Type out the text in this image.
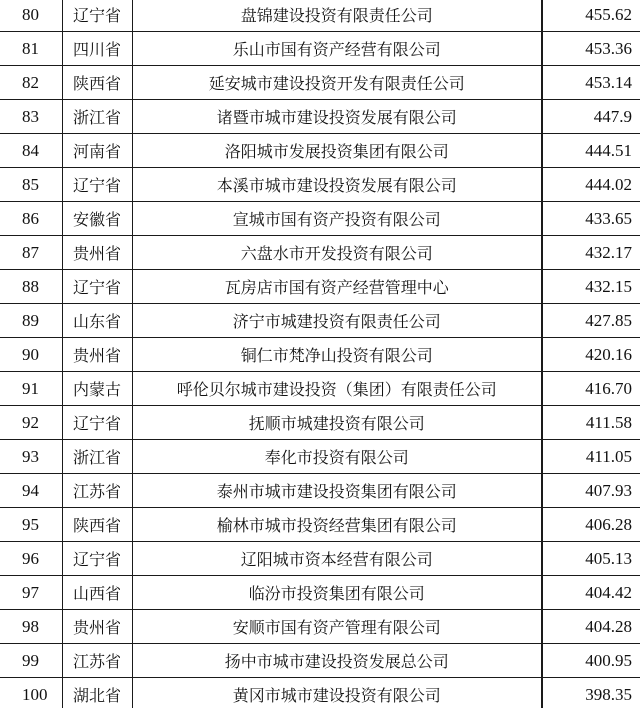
80	辽宁省	盘锦建设投资有限责任公司	455.62
81	四川省	乐山市国有资产经营有限公司	453.36
82	陕西省	延安城市建设投资开发有限责任公司	453.14
83	浙江省	诸暨市城市建设投资发展有限公司	447.9
84	河南省	洛阳城市发展投资集团有限公司	444.51
85	辽宁省	本溪市城市建设投资发展有限公司	444.02
86	安徽省	宣城市国有资产投资有限公司	433.65
87	贵州省	六盘水市开发投资有限公司	432.17
88	辽宁省	瓦房店市国有资产经营管理中心	432.15
89	山东省	济宁市城建投资有限责任公司	427.85
90	贵州省	铜仁市梵净山投资有限公司	420.16
91	内蒙古	呼伦贝尔城市建设投资（集团）有限责任公司	416.70
92	辽宁省	抚顺市城建投资有限公司	411.58
93	浙江省	奉化市投资有限公司	411.05
94	江苏省	泰州市城市建设投资集团有限公司	407.93
95	陕西省	榆林市城市投资经营集团有限公司	406.28
96	辽宁省	辽阳城市资本经营有限公司	405.13
97	山西省	临汾市投资集团有限公司	404.42
98	贵州省	安顺市国有资产管理有限公司	404.28
99	江苏省	扬中市城市建设投资发展总公司	400.95
100	湖北省	黄冈市城市建设投资有限公司	398.35
